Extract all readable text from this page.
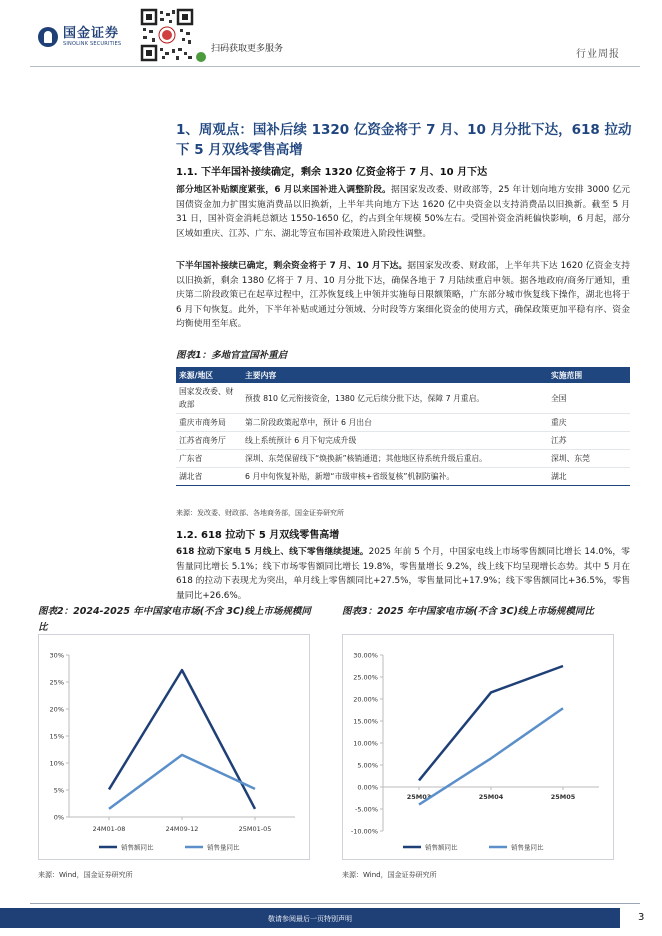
国金证券
SINOLINK SECURITIES	扫码获取更多服务	行业周报
1、周观点：国补后续 1320 亿资金将于 7 月、10 月分批下达，618 拉动下 5 月双线零售高增
1.1. 下半年国补接续确定，剩余 1320 亿资金将于 7 月、10 月下达
部分地区补贴额度紧张，6 月以来国补进入调整阶段。据国家发改委、财政部等，25 年计划向地方安排 3000 亿元国债资金加力扩围实施消费品以旧换新，上半年共向地方下达 1620 亿中央资金以支持消费品以旧换新。截至 5 月 31 日，国补资金消耗总额达 1550-1650 亿，约占到全年规模 50%左右。受国补资金消耗偏快影响，6 月起，部分区域如重庆、江苏、广东、湖北等宣布国补政策进入阶段性调整。
下半年国补接续已确定，剩余资金将于 7 月、10 月下达。据国家发改委、财政部，上半年共下达 1620 亿资金支持以旧换新，剩余 1380 亿将于 7 月、10 月分批下达，确保各地于 7 月陆续重启申领。据各地政府/商务厅通知，重庆第二阶段政策已在起草过程中，江苏恢复线上申领并实施每日限额策略，广东部分城市恢复线下操作，湖北也将于 6 月下旬恢复。此外，下半年补贴或通过分领域、分时段等方案细化资金的使用方式，确保政策更加平稳有序、资金均衡使用至年底。
图表1：多地官宣国补重启
来源/地区	主要内容	实施范围
国家发改委、财政部	预拨 810 亿元衔接资金，1380 亿元后续分批下达，保障 7 月重启。	全国
重庆市商务局	第二阶段政策起草中，预计 6 月出台	重庆
江苏省商务厅	线上系统预计 6 月下旬完成升级	江苏
广东省	深圳、东莞保留线下“焕换新”核销通道；其他地区待系统升级后重启。	深圳、东莞
湖北省	6 月中旬恢复补贴，新增“市级审核+省级复核”机制防骗补。	湖北
来源：发改委、财政部、各地商务部，国金证券研究所
1.2. 618 拉动下 5 月双线零售高增
618 拉动下家电 5 月线上、线下零售继续提速。2025 年前 5 个月，中国家电线上市场零售额同比增长 14.0%，零售量同比增长 5.1%；线下市场零售额同比增长 19.8%，零售量增长 9.2%，线上线下均呈现增长态势。其中 5 月在 618 的拉动下表现尤为突出，单月线上零售额同比+27.5%，零售量同比+17.9%；线下零售额同比+36.5%，零售量同比+26.6%。
图表2：2024-2025 年中国家电市场(不含 3C)线上市场规模同比
图表3：2025 年中国家电市场(不含 3C)线上市场规模同比
0%
5%
10%
15%
20%
25%
30%
24M01-08	24M09-12	25M01-05
销售额同比	销售量同比
-10.00%
-5.00%
0.00%
5.00%
10.00%
15.00%
20.00%
25.00%
30.00%
25M03	25M04	25M05
销售额同比	销售量同比
来源：Wind，国金证券研究所	来源：Wind，国金证券研究所
敬请参阅最后一页特别声明	3
